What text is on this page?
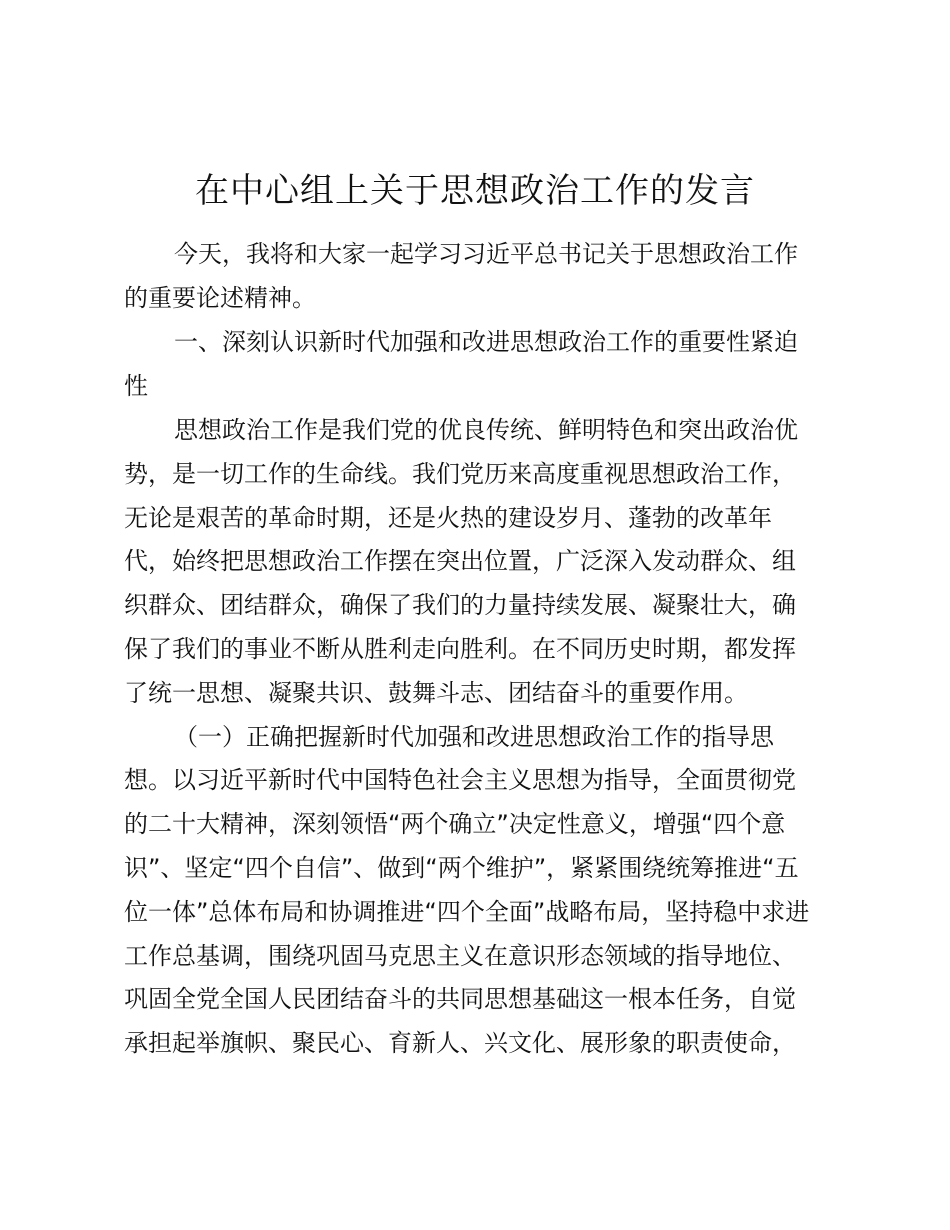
在中心组上关于思想政治工作的发言
今天，我将和大家一起学习习近平总书记关于思想政治工作
的重要论述精神。
一、深刻认识新时代加强和改进思想政治工作的重要性紧迫
性
思想政治工作是我们党的优良传统、鲜明特色和突出政治优
势，是一切工作的生命线。我们党历来高度重视思想政治工作，
无论是艰苦的革命时期，还是火热的建设岁月、蓬勃的改革年
代，始终把思想政治工作摆在突出位置，广泛深入发动群众、组
织群众、团结群众，确保了我们的力量持续发展、凝聚壮大，确
保了我们的事业不断从胜利走向胜利。在不同历史时期，都发挥
了统一思想、凝聚共识、鼓舞斗志、团结奋斗的重要作用。
（一）正确把握新时代加强和改进思想政治工作的指导思
想。以习近平新时代中国特色社会主义思想为指导，全面贯彻党
的二十大精神，深刻领悟“两个确立”决定性意义，增强“四个意
识”、坚定“四个自信”、做到“两个维护”，紧紧围绕统筹推进“五
位一体”总体布局和协调推进“四个全面”战略布局，坚持稳中求进
工作总基调，围绕巩固马克思主义在意识形态领域的指导地位、
巩固全党全国人民团结奋斗的共同思想基础这一根本任务，自觉
承担起举旗帜、聚民心、育新人、兴文化、展形象的职责使命，
